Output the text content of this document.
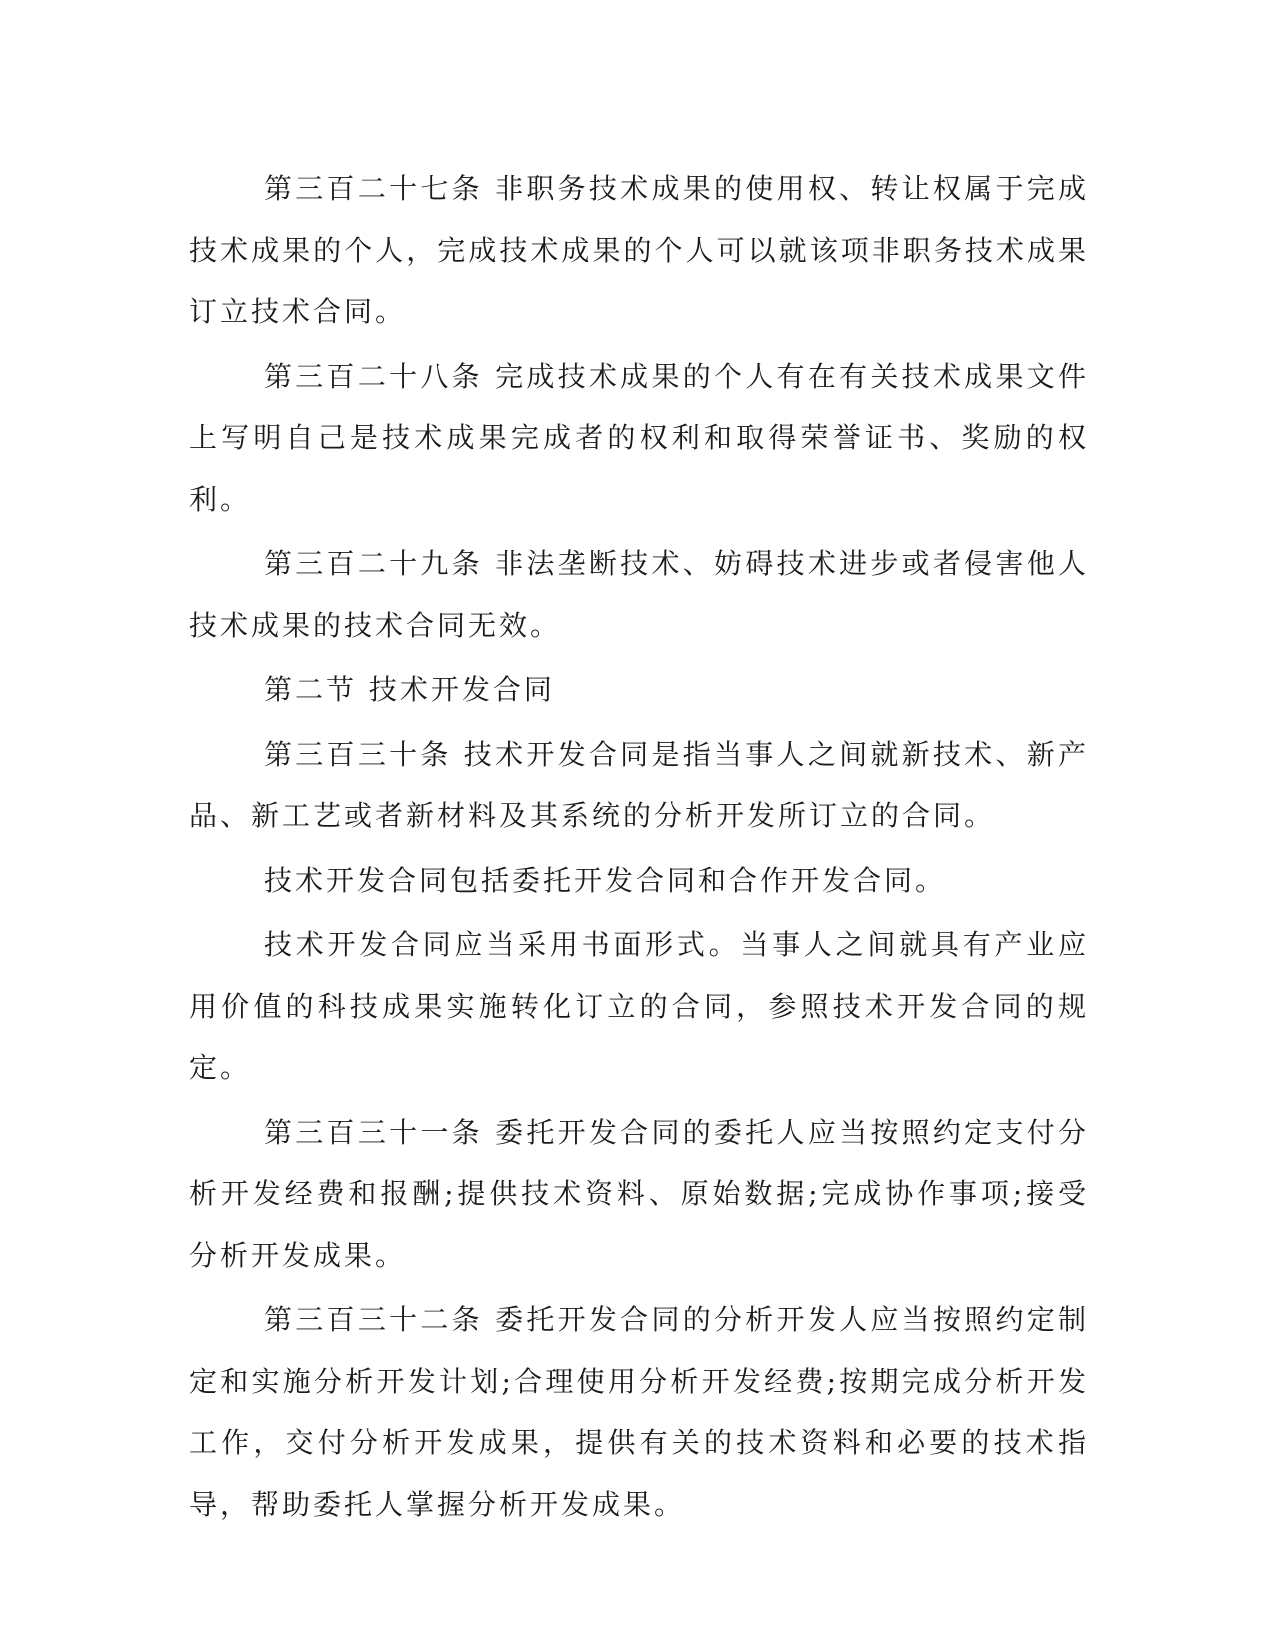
第三百二十七条 非职务技术成果的使用权、转让权属于完成技术成果的个人，完成技术成果的个人可以就该项非职务技术成果订立技术合同。

第三百二十八条 完成技术成果的个人有在有关技术成果文件上写明自己是技术成果完成者的权利和取得荣誉证书、奖励的权利。

第三百二十九条 非法垄断技术、妨碍技术进步或者侵害他人技术成果的技术合同无效。

第二节 技术开发合同

第三百三十条 技术开发合同是指当事人之间就新技术、新产品、新工艺或者新材料及其系统的分析开发所订立的合同。

技术开发合同包括委托开发合同和合作开发合同。

技术开发合同应当采用书面形式。当事人之间就具有产业应用价值的科技成果实施转化订立的合同，参照技术开发合同的规定。

第三百三十一条 委托开发合同的委托人应当按照约定支付分析开发经费和报酬;提供技术资料、原始数据;完成协作事项;接受分析开发成果。

第三百三十二条 委托开发合同的分析开发人应当按照约定制定和实施分析开发计划;合理使用分析开发经费;按期完成分析开发工作，交付分析开发成果，提供有关的技术资料和必要的技术指导，帮助委托人掌握分析开发成果。
